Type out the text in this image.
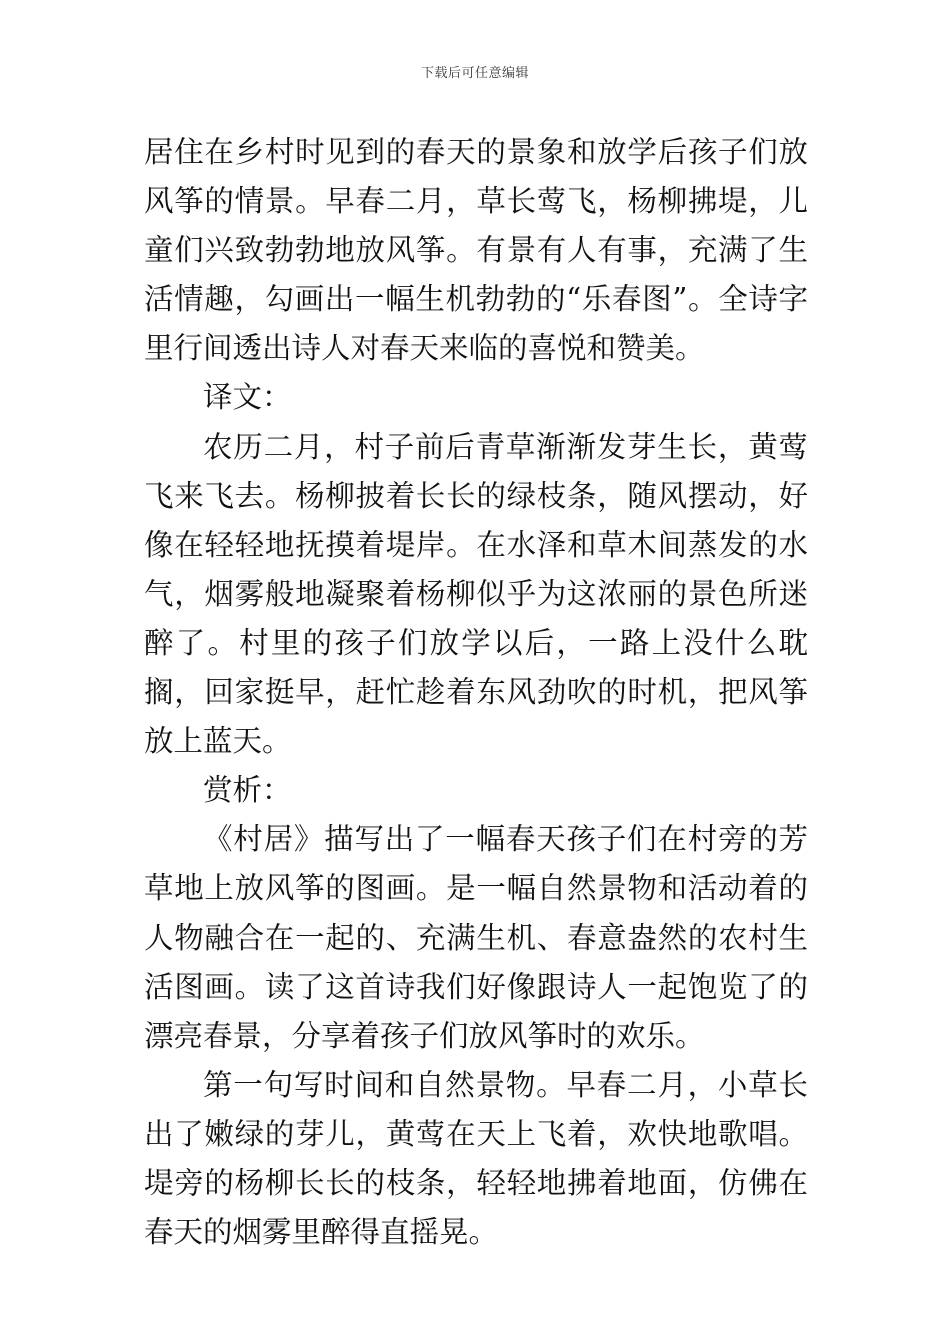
下载后可任意编辑

居住在乡村时见到的春天的景象和放学后孩子们放风筝的情景。早春二月，草长莺飞，杨柳拂堤，儿童们兴致勃勃地放风筝。有景有人有事，充满了生活情趣，勾画出一幅生机勃勃的“乐春图”。全诗字里行间透出诗人对春天来临的喜悦和赞美。

译文：

农历二月，村子前后青草渐渐发芽生长，黄莺飞来飞去。杨柳披着长长的绿枝条，随风摆动，好像在轻轻地抚摸着堤岸。在水泽和草木间蒸发的水气，烟雾般地凝聚着杨柳似乎为这浓丽的景色所迷醉了。村里的孩子们放学以后，一路上没什么耽搁，回家挺早，赶忙趁着东风劲吹的时机，把风筝放上蓝天。

赏析：

《村居》描写出了一幅春天孩子们在村旁的芳草地上放风筝的图画。是一幅自然景物和活动着的人物融合在一起的、充满生机、春意盎然的农村生活图画。读了这首诗我们好像跟诗人一起饱览了的漂亮春景，分享着孩子们放风筝时的欢乐。

第一句写时间和自然景物。早春二月，小草长出了嫩绿的芽儿，黄莺在天上飞着，欢快地歌唱。堤旁的杨柳长长的枝条，轻轻地拂着地面，仿佛在春天的烟雾里醉得直摇晃。
